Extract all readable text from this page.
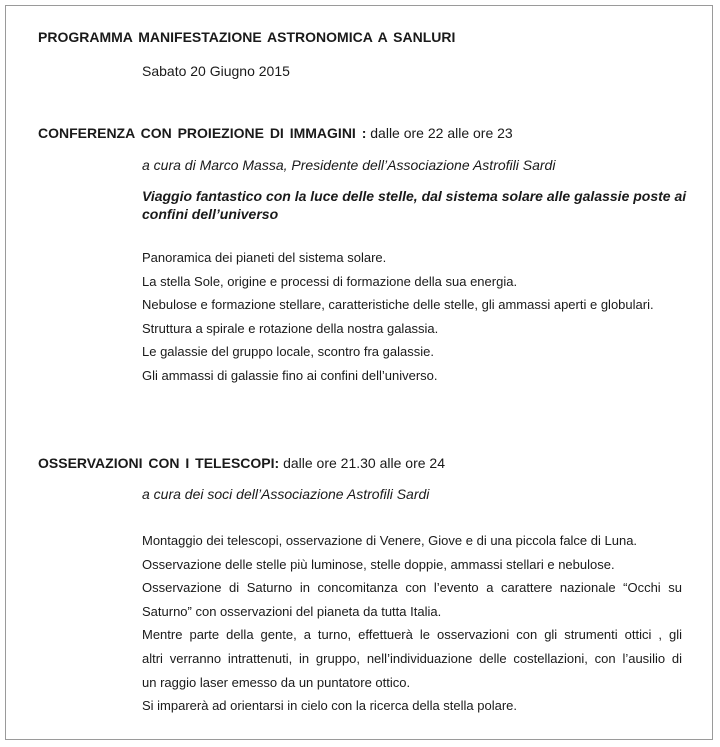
PROGRAMMA MANIFESTAZIONE ASTRONOMICA A SANLURI
Sabato 20 Giugno 2015
CONFERENZA CON PROIEZIONE DI IMMAGINI : dalle ore 22 alle ore 23
a cura di Marco Massa, Presidente dell’Associazione Astrofili Sardi
Viaggio fantastico con la luce delle stelle, dal sistema solare alle galassie poste ai confini dell’universo
Panoramica dei pianeti del sistema solare.
La stella Sole, origine e processi di formazione della sua energia.
Nebulose e formazione stellare, caratteristiche delle stelle, gli ammassi aperti e globulari.
Struttura a spirale e rotazione della nostra galassia.
Le galassie del gruppo locale, scontro fra galassie.
Gli ammassi di galassie fino ai confini dell’universo.
OSSERVAZIONI CON I TELESCOPI: dalle ore 21.30 alle ore 24
a cura dei soci dell’Associazione Astrofili Sardi
Montaggio dei telescopi, osservazione di Venere, Giove e di una piccola falce di Luna.
Osservazione delle stelle più luminose, stelle doppie, ammassi stellari e nebulose.
Osservazione di Saturno in concomitanza con l’evento a carattere nazionale “Occhi su
Saturno” con osservazioni del pianeta da tutta Italia.
Mentre parte della gente, a turno, effettuerà le osservazioni con gli strumenti ottici , gli
altri verranno intrattenuti, in gruppo, nell’individuazione delle costellazioni, con l’ausilio di
un raggio laser emesso da un puntatore ottico.
Si imparerà ad orientarsi in cielo con la ricerca della stella polare.
